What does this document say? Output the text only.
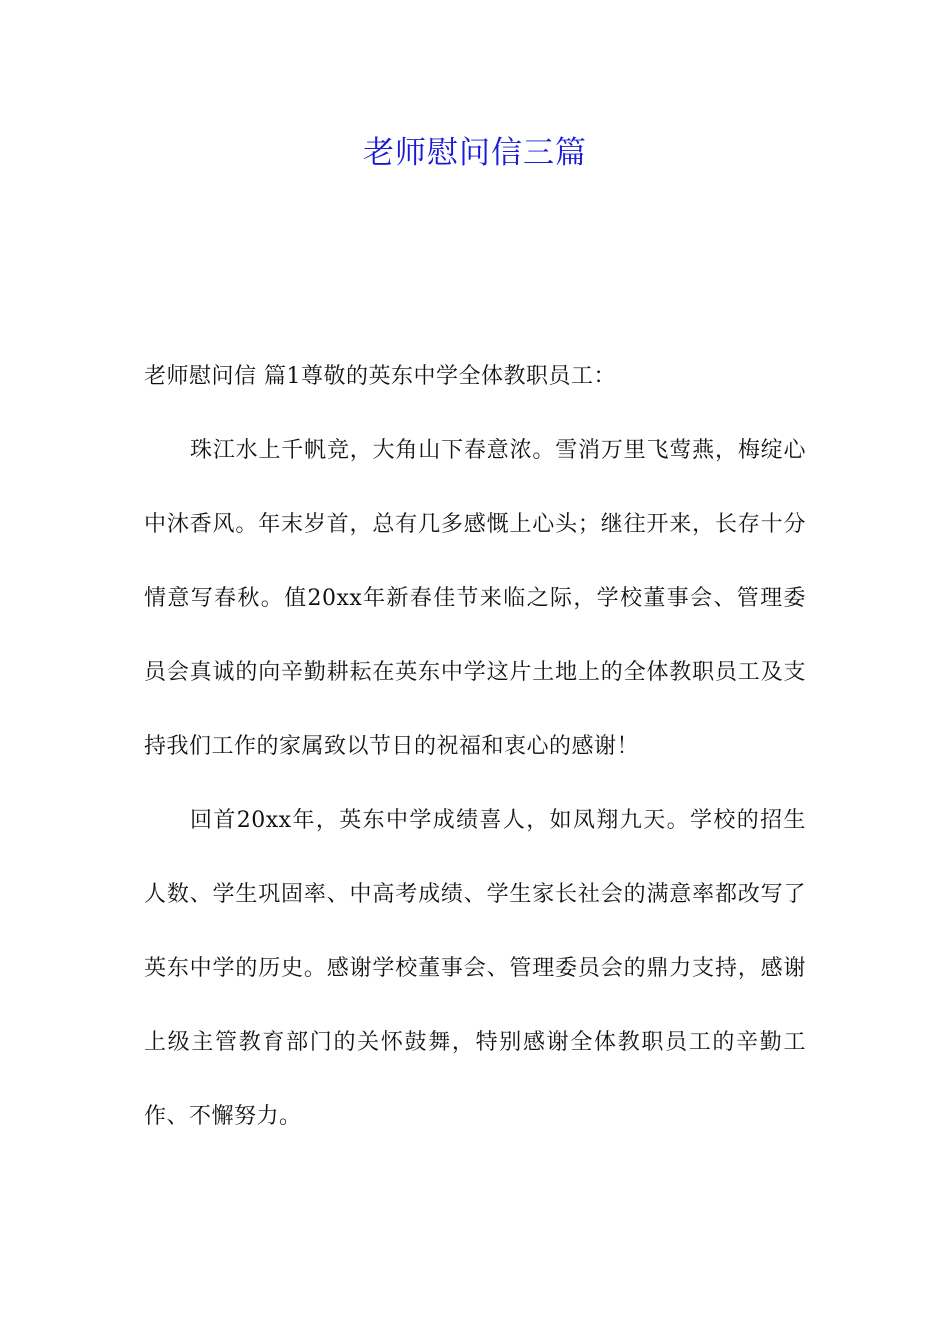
老师慰问信三篇

老师慰问信 篇1尊敬的英东中学全体教职员工：

珠江水上千帆竞，大角山下春意浓。雪消万里飞莺燕，梅绽心中沐香风。年末岁首，总有几多感慨上心头；继往开来，长存十分情意写春秋。值20xx年新春佳节来临之际，学校董事会、管理委员会真诚的向辛勤耕耘在英东中学这片土地上的全体教职员工及支持我们工作的家属致以节日的祝福和衷心的感谢！

回首20xx年，英东中学成绩喜人，如凤翔九天。学校的招生人数、学生巩固率、中高考成绩、学生家长社会的满意率都改写了英东中学的历史。感谢学校董事会、管理委员会的鼎力支持，感谢上级主管教育部门的关怀鼓舞，特别感谢全体教职员工的辛勤工作、不懈努力。
